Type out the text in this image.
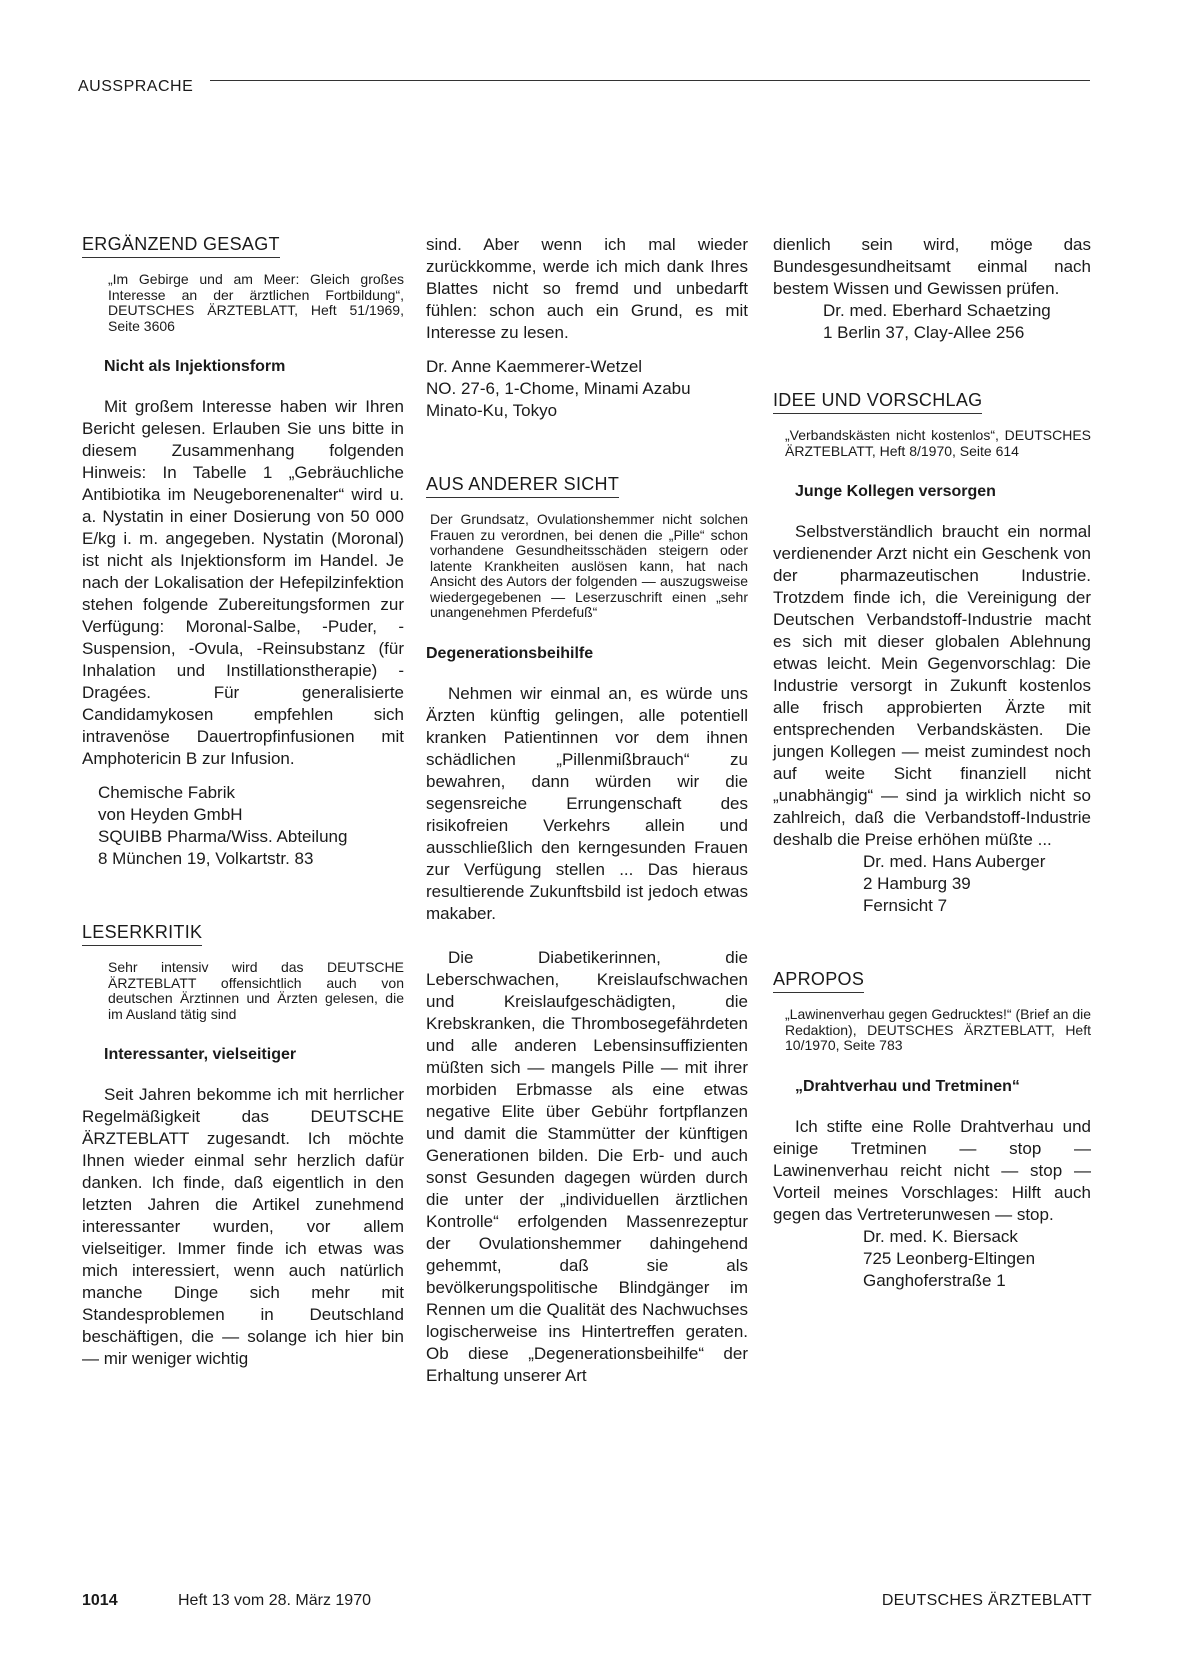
AUSSPRACHE
ERGÄNZEND GESAGT

„Im Gebirge und am Meer: Gleich großes Interesse an der ärztlichen Fortbildung“, DEUTSCHES ÄRZTEBLATT, Heft 51/1969, Seite 3606

Nicht als Injektionsform

Mit großem Interesse haben wir Ihren Bericht gelesen. Erlauben Sie uns bitte in diesem Zusammenhang folgenden Hinweis: In Tabelle 1 „Gebräuchliche Antibiotika im Neugeborenenalter“ wird u. a. Nystatin in einer Dosierung von 50 000 E/kg i. m. angegeben. Nystatin (Moronal) ist nicht als Injektionsform im Handel. Je nach der Lokalisation der Hefepilzinfektion stehen folgende Zubereitungsformen zur Verfügung: Moronal-Salbe, -Puder, -Suspension, -Ovula, -Reinsubstanz (für Inhalation und Instillationstherapie) -Dragées. Für generalisierte Candidamykosen empfehlen sich intravenöse Dauertropfinfusionen mit Amphotericin B zur Infusion.

Chemische Fabrik
von Heyden GmbH
SQUIBB Pharma/Wiss. Abteilung
8 München 19, Volkartstr. 83

LESERKRITIK

Sehr intensiv wird das DEUTSCHE ÄRZTEBLATT offensichtlich auch von deutschen Ärztinnen und Ärzten gelesen, die im Ausland tätig sind

Interessanter, vielseitiger

Seit Jahren bekomme ich mit herrlicher Regelmäßigkeit das DEUTSCHE ÄRZTEBLATT zugesandt. Ich möchte Ihnen wieder einmal sehr herzlich dafür danken. Ich finde, daß eigentlich in den letzten Jahren die Artikel zunehmend interessanter wurden, vor allem vielseitiger. Immer finde ich etwas was mich interessiert, wenn auch natürlich manche Dinge sich mehr mit Standesproblemen in Deutschland beschäftigen, die — solange ich hier bin — mir weniger wichtig

sind. Aber wenn ich mal wieder zurückkomme, werde ich mich dank Ihres Blattes nicht so fremd und unbedarft fühlen: schon auch ein Grund, es mit Interesse zu lesen.

Dr. Anne Kaemmerer-Wetzel
NO. 27-6, 1-Chome, Minami Azabu
Minato-Ku, Tokyo

AUS ANDERER SICHT

Der Grundsatz, Ovulationshemmer nicht solchen Frauen zu verordnen, bei denen die „Pille“ schon vorhandene Gesundheitsschäden steigern oder latente Krankheiten auslösen kann, hat nach Ansicht des Autors der folgenden — auszugsweise wiedergegebenen — Leserzuschrift einen „sehr unangenehmen Pferdefuß“

Degenerationsbeihilfe

Nehmen wir einmal an, es würde uns Ärzten künftig gelingen, alle potentiell kranken Patientinnen vor dem ihnen schädlichen „Pillenmißbrauch“ zu bewahren, dann würden wir die segensreiche Errungenschaft des risikofreien Verkehrs allein und ausschließlich den kerngesunden Frauen zur Verfügung stellen ... Das hieraus resultierende Zukunftsbild ist jedoch etwas makaber.

Die Diabetikerinnen, die Leberschwachen, Kreislaufschwachen und Kreislaufgeschädigten, die Krebskranken, die Thrombosegefährdeten und alle anderen Lebensinsuffizienten müßten sich — mangels Pille — mit ihrer morbiden Erbmasse als eine etwas negative Elite über Gebühr fortpflanzen und damit die Stammütter der künftigen Generationen bilden. Die Erb- und auch sonst Gesunden dagegen würden durch die unter der „individuellen ärztlichen Kontrolle“ erfolgenden Massenrezeptur der Ovulationshemmer dahingehend gehemmt, daß sie als bevölkerungspolitische Blindgänger im Rennen um die Qualität des Nachwuchses logischerweise ins Hintertreffen geraten. Ob diese „Degenerationsbeihilfe“ der Erhaltung unserer Art

dienlich sein wird, möge das Bundesgesundheitsamt einmal nach bestem Wissen und Gewissen prüfen.

Dr. med. Eberhard Schaetzing
1 Berlin 37, Clay-Allee 256

IDEE UND VORSCHLAG

„Verbandskästen nicht kostenlos“, DEUTSCHES ÄRZTEBLATT, Heft 8/1970, Seite 614

Junge Kollegen versorgen

Selbstverständlich braucht ein normal verdienender Arzt nicht ein Geschenk von der pharmazeutischen Industrie. Trotzdem finde ich, die Vereinigung der Deutschen Verbandstoff-Industrie macht es sich mit dieser globalen Ablehnung etwas leicht. Mein Gegenvorschlag: Die Industrie versorgt in Zukunft kostenlos alle frisch approbierten Ärzte mit entsprechenden Verbandskästen. Die jungen Kollegen — meist zumindest noch auf weite Sicht finanziell nicht „unabhängig“ — sind ja wirklich nicht so zahlreich, daß die Verbandstoff-Industrie deshalb die Preise erhöhen müßte ...

Dr. med. Hans Auberger
2 Hamburg 39
Fernsicht 7

APROPOS

„Lawinenverhau gegen Gedrucktes!“ (Brief an die Redaktion), DEUTSCHES ÄRZTEBLATT, Heft 10/1970, Seite 783

„Drahtverhau und Tretminen“

Ich stifte eine Rolle Drahtverhau und einige Tretminen — stop — Lawinenverhau reicht nicht — stop — Vorteil meines Vorschlages: Hilft auch gegen das Vertreterunwesen — stop.

Dr. med. K. Biersack
725 Leonberg-Eltingen
Ganghoferstraße 1

1014	Heft 13 vom 28. März 1970	DEUTSCHES ÄRZTEBLATT
